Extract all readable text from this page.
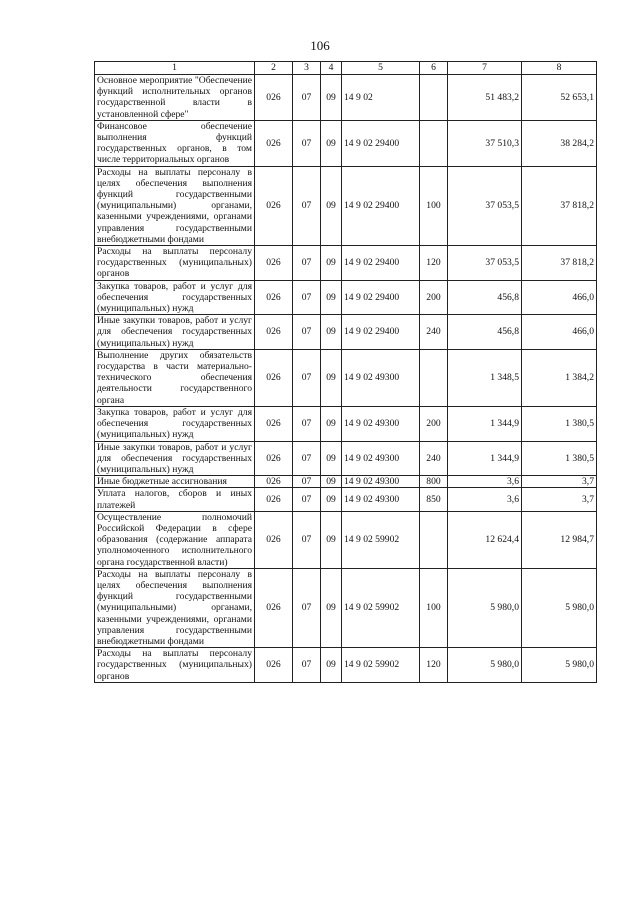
106
1	2	3	4	5	6	7	8
Основное мероприятие "Обеспечение функций исполнительных органов государственной власти в установленной сфере"	026	07	09	14 9 02		51 483,2	52 653,1
Финансовое обеспечение выполнения функций государственных органов, в том числе территориальных органов	026	07	09	14 9 02 29400		37 510,3	38 284,2
Расходы на выплаты персоналу в целях обеспечения выполнения функций государственными (муниципальными) органами, казенными учреждениями, органами управления государственными внебюджетными фондами	026	07	09	14 9 02 29400	100	37 053,5	37 818,2
Расходы на выплаты персоналу государственных (муниципальных) органов	026	07	09	14 9 02 29400	120	37 053,5	37 818,2
Закупка товаров, работ и услуг для обеспечения государственных (муниципальных) нужд	026	07	09	14 9 02 29400	200	456,8	466,0
Иные закупки товаров, работ и услуг для обеспечения государственных (муниципальных) нужд	026	07	09	14 9 02 29400	240	456,8	466,0
Выполнение других обязательств государства в части материально-технического обеспечения деятельности государственного органа	026	07	09	14 9 02 49300		1 348,5	1 384,2
Закупка товаров, работ и услуг для обеспечения государственных (муниципальных) нужд	026	07	09	14 9 02 49300	200	1 344,9	1 380,5
Иные закупки товаров, работ и услуг для обеспечения государственных (муниципальных) нужд	026	07	09	14 9 02 49300	240	1 344,9	1 380,5
Иные бюджетные ассигнования	026	07	09	14 9 02 49300	800	3,6	3,7
Уплата налогов, сборов и иных платежей	026	07	09	14 9 02 49300	850	3,6	3,7
Осуществление полномочий Российской Федерации в сфере образования (содержание аппарата уполномоченного исполнительного органа государственной власти)	026	07	09	14 9 02 59902		12 624,4	12 984,7
Расходы на выплаты персоналу в целях обеспечения выполнения функций государственными (муниципальными) органами, казенными учреждениями, органами управления государственными внебюджетными фондами	026	07	09	14 9 02 59902	100	5 980,0	5 980,0
Расходы на выплаты персоналу государственных (муниципальных) органов	026	07	09	14 9 02 59902	120	5 980,0	5 980,0
